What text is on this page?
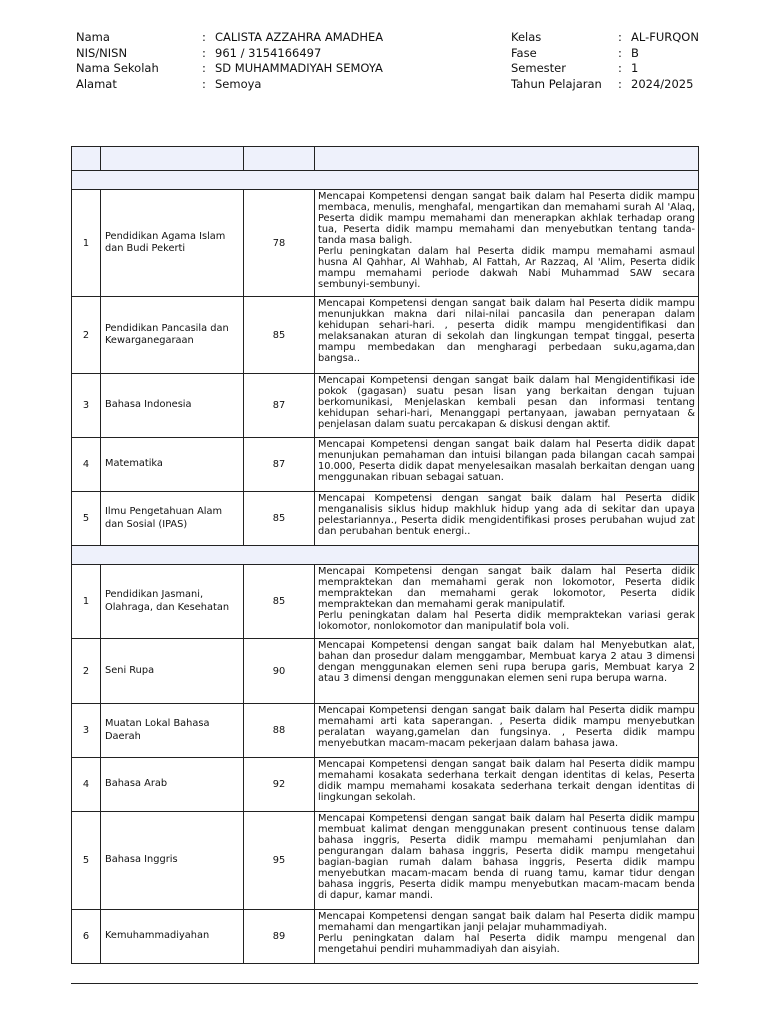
Nama	: CALISTA AZZAHRA AMADHEA
NIS/NISN	: 961 / 3154166497
Nama Sekolah	: SD MUHAMMADIYAH SEMOYA
Alamat	: Semoya
Kelas	: AL-FURQON
Fase	: B
Semester	: 1
Tahun Pelajaran	: 2024/2025

1	Pendidikan Agama Islam dan Budi Pekerti	78	Mencapai Kompetensi dengan sangat baik dalam hal Peserta didik mampu membaca, menulis, menghafal, mengartikan dan memahami surah Al 'Alaq, Peserta didik mampu memahami dan menerapkan akhlak terhadap orang tua, Peserta didik mampu memahami dan menyebutkan tentang tanda-tanda masa baligh.
Perlu peningkatan dalam hal Peserta didik mampu memahami asmaul husna Al Qahhar, Al Wahhab, Al Fattah, Ar Razzaq, Al 'Alim, Peserta didik mampu memahami periode dakwah Nabi Muhammad SAW secara sembunyi-sembunyi.

2	Pendidikan Pancasila dan Kewarganegaraan	85	Mencapai Kompetensi dengan sangat baik dalam hal Peserta didik mampu menunjukkan makna dari nilai-nilai pancasila dan penerapan dalam kehidupan sehari-hari. , peserta didik mampu mengidentifikasi dan melaksanakan aturan di sekolah dan lingkungan tempat tinggal, peserta mampu membedakan dan mengharagi perbedaan suku,agama,dan bangsa..

3	Bahasa Indonesia	87	Mencapai Kompetensi dengan sangat baik dalam hal Mengidentifikasi ide pokok (gagasan) suatu pesan lisan yang berkaitan dengan tujuan berkomunikasi, Menjelaskan kembali pesan dan informasi tentang kehidupan sehari-hari, Menanggapi pertanyaan, jawaban pernyataan & penjelasan dalam suatu percakapan & diskusi dengan aktif.

4	Matematika	87	Mencapai Kompetensi dengan sangat baik dalam hal Peserta didik dapat menunjukan pemahaman dan intuisi bilangan pada bilangan cacah sampai 10.000, Peserta didik dapat menyelesaikan masalah berkaitan dengan uang menggunakan ribuan sebagai satuan.

5	Ilmu Pengetahuan Alam dan Sosial (IPAS)	85	Mencapai Kompetensi dengan sangat baik dalam hal Peserta didik menganalisis siklus hidup makhluk hidup yang ada di sekitar dan upaya pelestariannya., Peserta didik mengidentifikasi proses perubahan wujud zat dan perubahan bentuk energi..

1	Pendidikan Jasmani, Olahraga, dan Kesehatan	85	Mencapai Kompetensi dengan sangat baik dalam hal Peserta didik mempraktekan dan memahami gerak non lokomotor, Peserta didik mempraktekan dan memahami gerak lokomotor, Peserta didik mempraktekan dan memahami gerak manipulatif.
Perlu peningkatan dalam hal Peserta didik mempraktekan variasi gerak lokomotor, nonlokomotor dan manipulatif bola voli.

2	Seni Rupa	90	Mencapai Kompetensi dengan sangat baik dalam hal Menyebutkan alat, bahan dan prosedur dalam menggambar, Membuat karya 2 atau 3 dimensi dengan menggunakan elemen seni rupa berupa garis, Membuat karya 2 atau 3 dimensi dengan menggunakan elemen seni rupa berupa warna.

3	Muatan Lokal Bahasa Daerah	88	Mencapai Kompetensi dengan sangat baik dalam hal Peserta didik mampu memahami arti kata saperangan. , Peserta didik mampu menyebutkan peralatan wayang,gamelan dan fungsinya. , Peserta didik mampu menyebutkan macam-macam pekerjaan dalam bahasa jawa.

4	Bahasa Arab	92	Mencapai Kompetensi dengan sangat baik dalam hal Peserta didik mampu memahami kosakata sederhana terkait dengan identitas di kelas, Peserta didik mampu memahami kosakata sederhana terkait dengan identitas di lingkungan sekolah.

5	Bahasa Inggris	95	Mencapai Kompetensi dengan sangat baik dalam hal Peserta didik mampu membuat kalimat dengan menggunakan present continuous tense dalam bahasa inggris, Peserta didik mampu memahami penjumlahan dan pengurangan dalam bahasa inggris, Peserta didik mampu mengetahui bagian-bagian rumah dalam bahasa inggris, Peserta didik mampu menyebutkan macam-macam benda di ruang tamu, kamar tidur dengan bahasa inggris, Peserta didik mampu menyebutkan macam-macam benda di dapur, kamar mandi.

6	Kemuhammadiyahan	89	Mencapai Kompetensi dengan sangat baik dalam hal Peserta didik mampu memahami dan mengartikan janji pelajar muhammadiyah.
Perlu peningkatan dalam hal Peserta didik mampu mengenal dan mengetahui pendiri muhammadiyah dan aisyiah.
